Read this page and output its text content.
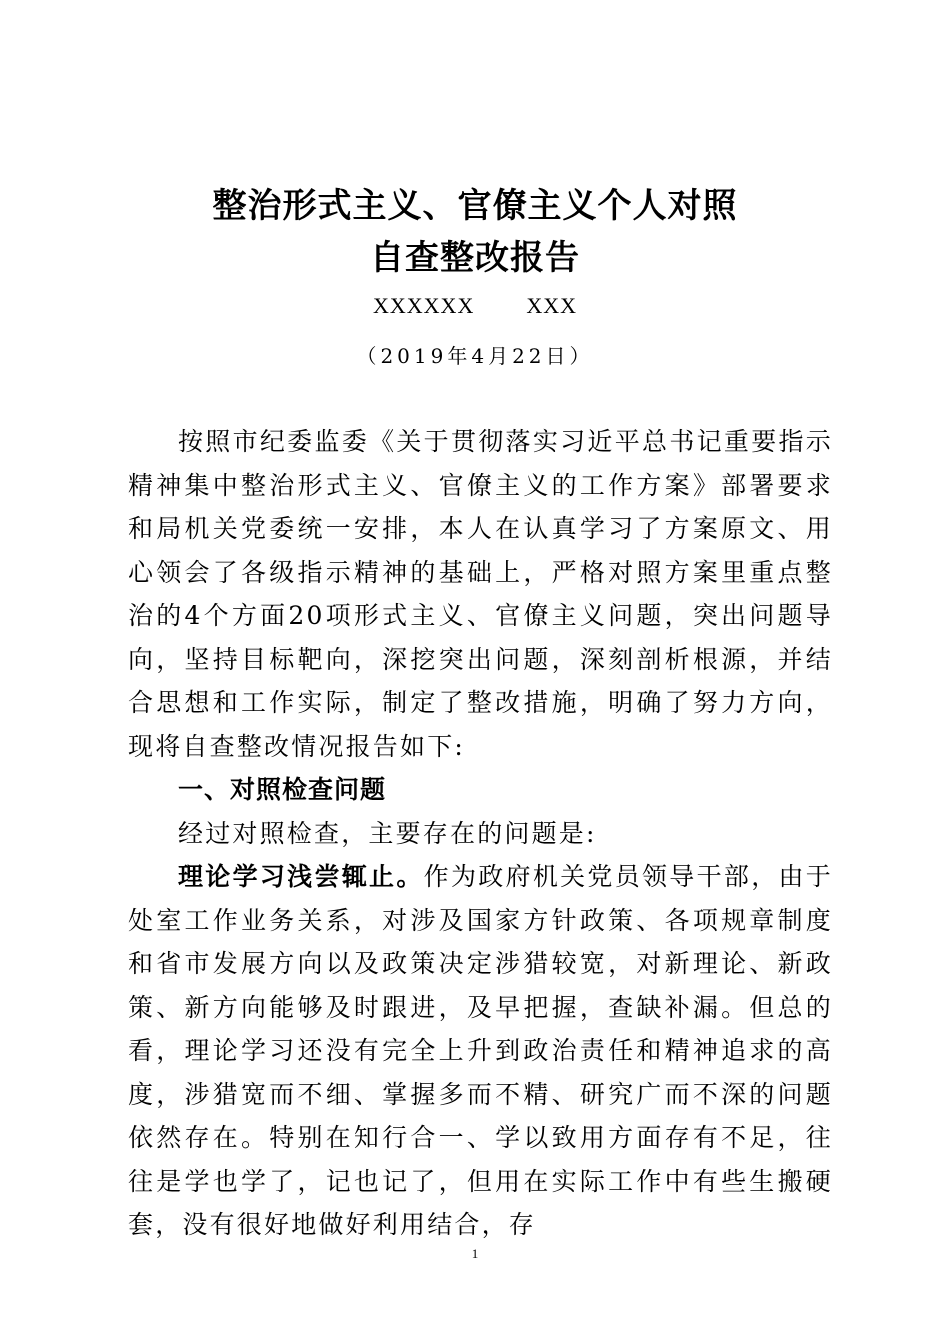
整治形式主义、官僚主义个人对照
自查整改报告
XXXXXX XXX
（2019年4月22日）

按照市纪委监委《关于贯彻落实习近平总书记重要指示精神集中整治形式主义、官僚主义的工作方案》部署要求和局机关党委统一安排，本人在认真学习了方案原文、用心领会了各级指示精神的基础上，严格对照方案里重点整治的4个方面20项形式主义、官僚主义问题，突出问题导向，坚持目标靶向，深挖突出问题，深刻剖析根源，并结合思想和工作实际，制定了整改措施，明确了努力方向，现将自查整改情况报告如下:

一、对照检查问题

经过对照检查，主要存在的问题是:

理论学习浅尝辄止。作为政府机关党员领导干部，由于处室工作业务关系，对涉及国家方针政策、各项规章制度和省市发展方向以及政策决定涉猎较宽，对新理论、新政策、新方向能够及时跟进，及早把握，查缺补漏。但总的看，理论学习还没有完全上升到政治责任和精神追求的高度，涉猎宽而不细、掌握多而不精、研究广而不深的问题依然存在。特别在知行合一、学以致用方面存有不足，往往是学也学了，记也记了，但用在实际工作中有些生搬硬套，没有很好地做好利用结合，存

1
